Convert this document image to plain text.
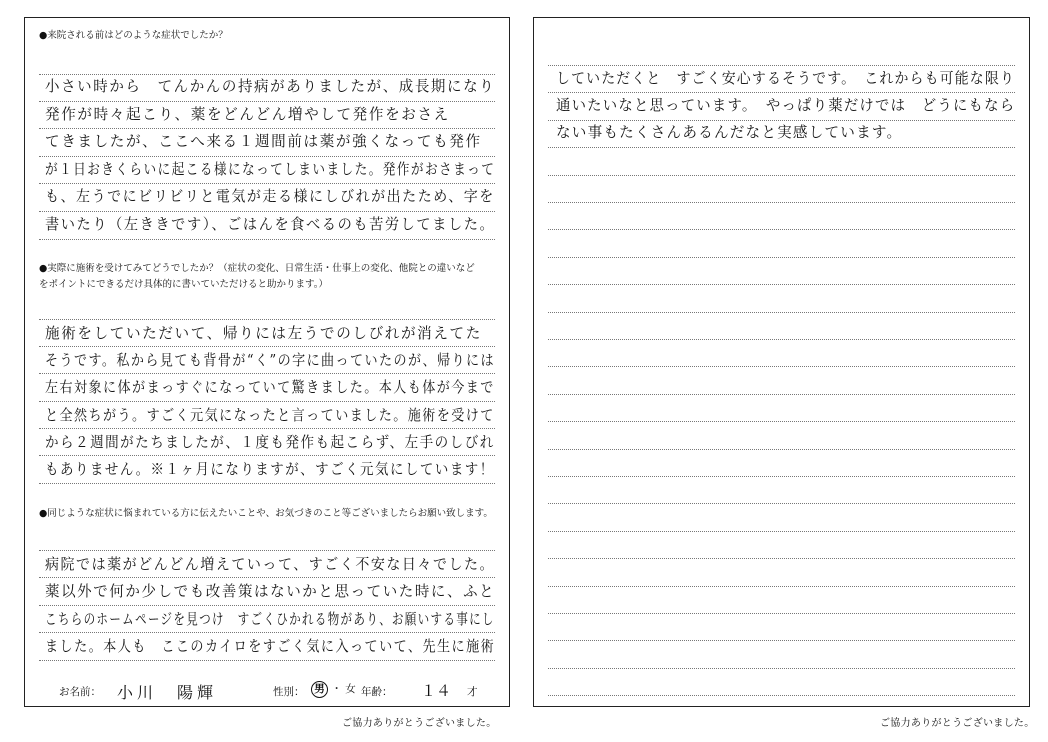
●来院される前はどのような症状でしたか？
小さい時から　てんかんの持病がありましたが、成長期になり
発作が時々起こり、薬をどんどん増やして発作をおさえ
てきましたが、ここへ来る１週間前は薬が強くなっても発作
が１日おきくらいに起こる様になってしまいました。発作がおさまって
も、左うでにビリビリと電気が走る様にしびれが出たため、字を
書いたり（左ききです）、ごはんを食べるのも苦労してました。
●実際に施術を受けてみてどうでしたか？（症状の変化、日常生活・仕事上の変化、他院との違いなど
をポイントにできるだけ具体的に書いていただけると助かります。）
施術をしていただいて、帰りには左うでのしびれが消えてた
そうです。私から見ても背骨が“く”の字に曲っていたのが、帰りには
左右対象に体がまっすぐになっていて驚きました。本人も体が今まで
と全然ちがう。すごく元気になったと言っていました。施術を受けて
から２週間がたちましたが、１度も発作も起こらず、左手のしびれ
もありません。※１ヶ月になりますが、すごく元気にしています！
●同じような症状に悩まれている方に伝えたいことや、お気づきのこと等ございましたらお願い致します。
病院では薬がどんどん増えていって、すごく不安な日々でした。
薬以外で何か少しでも改善策はないかと思っていた時に、ふと
こちらのホームページを見つけ　すごくひかれる物があり、お願いする事にし
ました。本人も　ここのカイロをすごく気に入っていて、先生に施術
お名前： 小川　陽輝	性別： 男 ・ 女 年齢： １４ 才
ご協力ありがとうございました。
していただくと　すごく安心するそうです。　これからも可能な限り
通いたいなと思っています。　やっぱり薬だけでは　どうにもなら
ない事もたくさんあるんだなと実感しています。
ご協力ありがとうございました。
